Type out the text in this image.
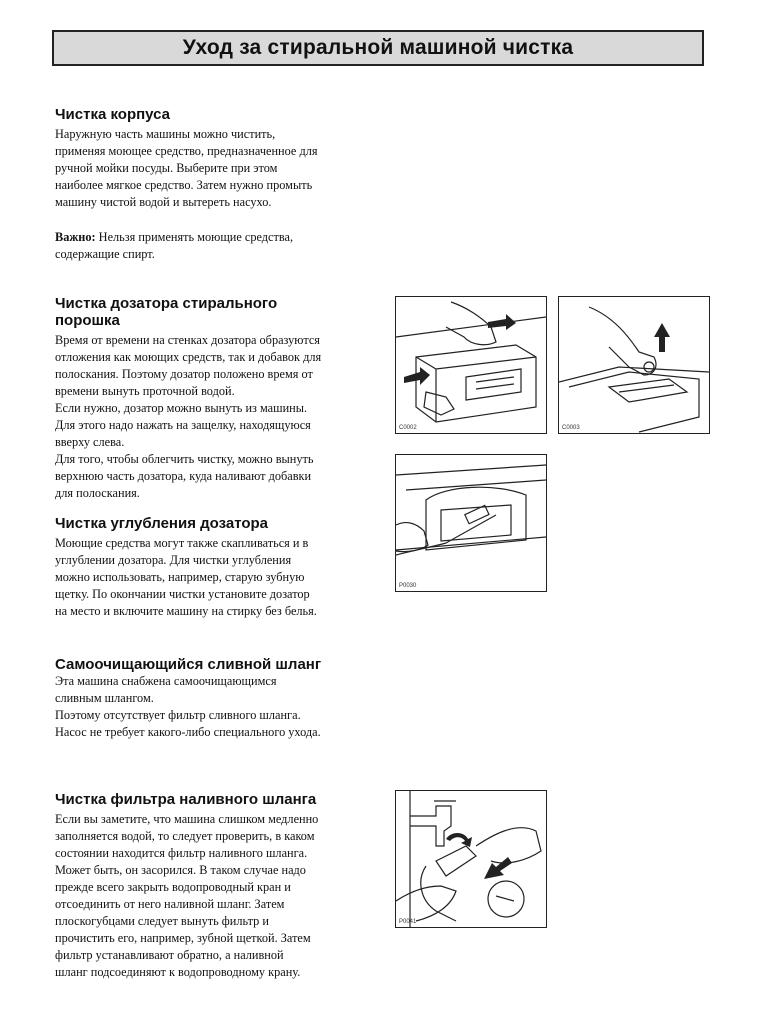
Уход за стиральной машиной чистка
Чистка корпуса

Наружную часть машины можно чистить,

применяя моющее средство, предназначенное для

ручной мойки посуды. Выберите при этом

наиболее мягкое средство. Затем нужно промыть

машину чистой водой и вытереть насухо.

Важно: Нельзя применять моющие средства,

содержащие спирт.

Чистка дозатора стирального
порошка

Время от времени на стенках дозатора образуются

отложения как моющих средств, так и добавок для

полоскания. Поэтому дозатор положено время от

времени вынуть проточной водой.

Если нужно, дозатор можно вынуть из машины.

Для этого надо нажать на защелку, находящуюся

вверху слева.

Для того, чтобы облегчить чистку, можно вынуть

верхнюю часть дозатора, куда наливают добавки

для полоскания.

Чистка углубления дозатора

Моющие средства могут также скапливаться и в

углублении дозатора. Для чистки углубления

можно использовать, например, старую зубную

щетку. По окончании чистки установите дозатор

на место и включите машину на стирку без белья.

Самоочищающийся сливной шланг

Эта машина снабжена самоочищающимся

сливным шлангом.

Поэтому отсутствует фильтр сливного шланга.

Насос не требует какого-либо специального ухода.

Чистка фильтра наливного шланга

Если вы заметите, что машина слишком медленно

заполняется водой, то следует проверить, в каком

состоянии находится фильтр наливного шланга.

Может быть, он засорился. В таком случае надо

прежде всего закрыть водопроводный кран и

отсоединить от него наливной шланг. Затем

плоскогубцами следует вынуть фильтр и

прочистить его, например, зубной щеткой. Затем

фильтр устанавливают обратно, а наливной

шланг подсоединяют к водопроводному крану.

C0002	C0003
P0030
P0041
